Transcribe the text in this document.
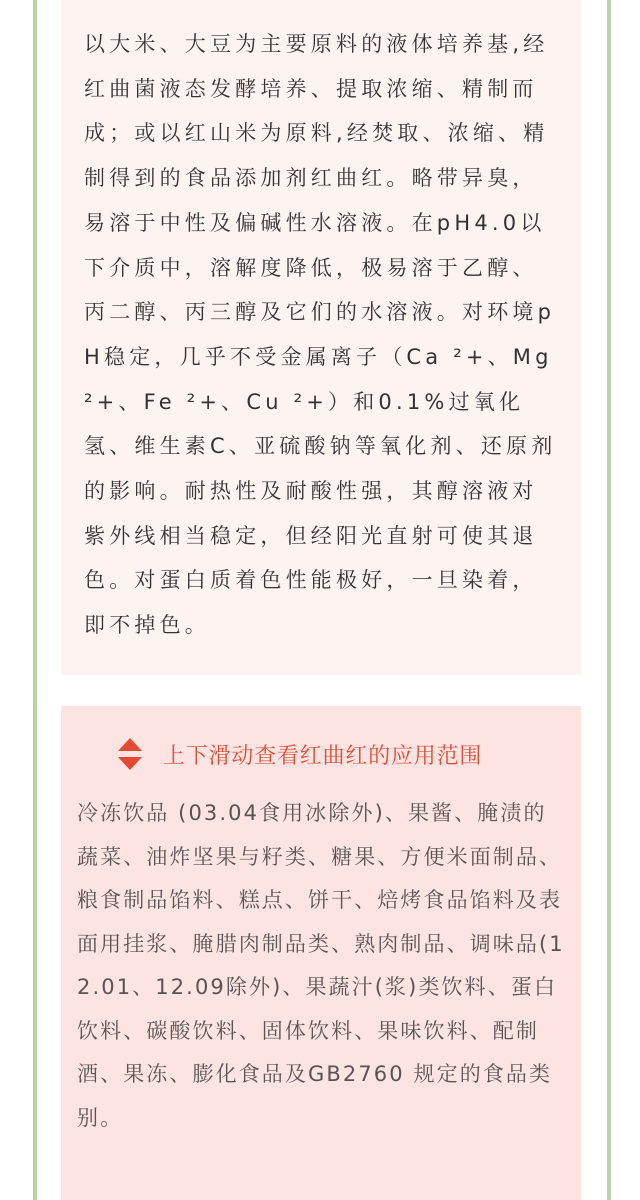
以大米、大豆为主要原料的液体培养基,经红曲菌液态发酵培养、提取浓缩、精制而成；或以红山米为原料,经焚取、浓缩、精制得到的食品添加剂红曲红。略带异臭，易溶于中性及偏碱性水溶液。在pH4.0以下介质中，溶解度降低，极易溶于乙醇、丙二醇、丙三醇及它们的水溶液。对环境pH稳定，几乎不受金属离子（Ca ²+、Mg ²+、Fe ²+、Cu ²+）和0.1%过氧化氢、维生素C、亚硫酸钠等氧化剂、还原剂的影响。耐热性及耐酸性强，其醇溶液对紫外线相当稳定，但经阳光直射可使其退色。对蛋白质着色性能极好，一旦染着，即不掉色。

上下滑动查看红曲红的应用范围

冷冻饮品 (03.04食用冰除外)、果酱、腌渍的蔬菜、油炸坚果与籽类、糖果、方便米面制品、粮食制品馅料、糕点、饼干、焙烤食品馅料及表面用挂浆、腌腊肉制品类、熟肉制品、调味品(12.01、12.09除外)、果蔬汁(浆)类饮料、蛋白饮料、碳酸饮料、固体饮料、果味饮料、配制酒、果冻、膨化食品及GB2760 规定的食品类别。
